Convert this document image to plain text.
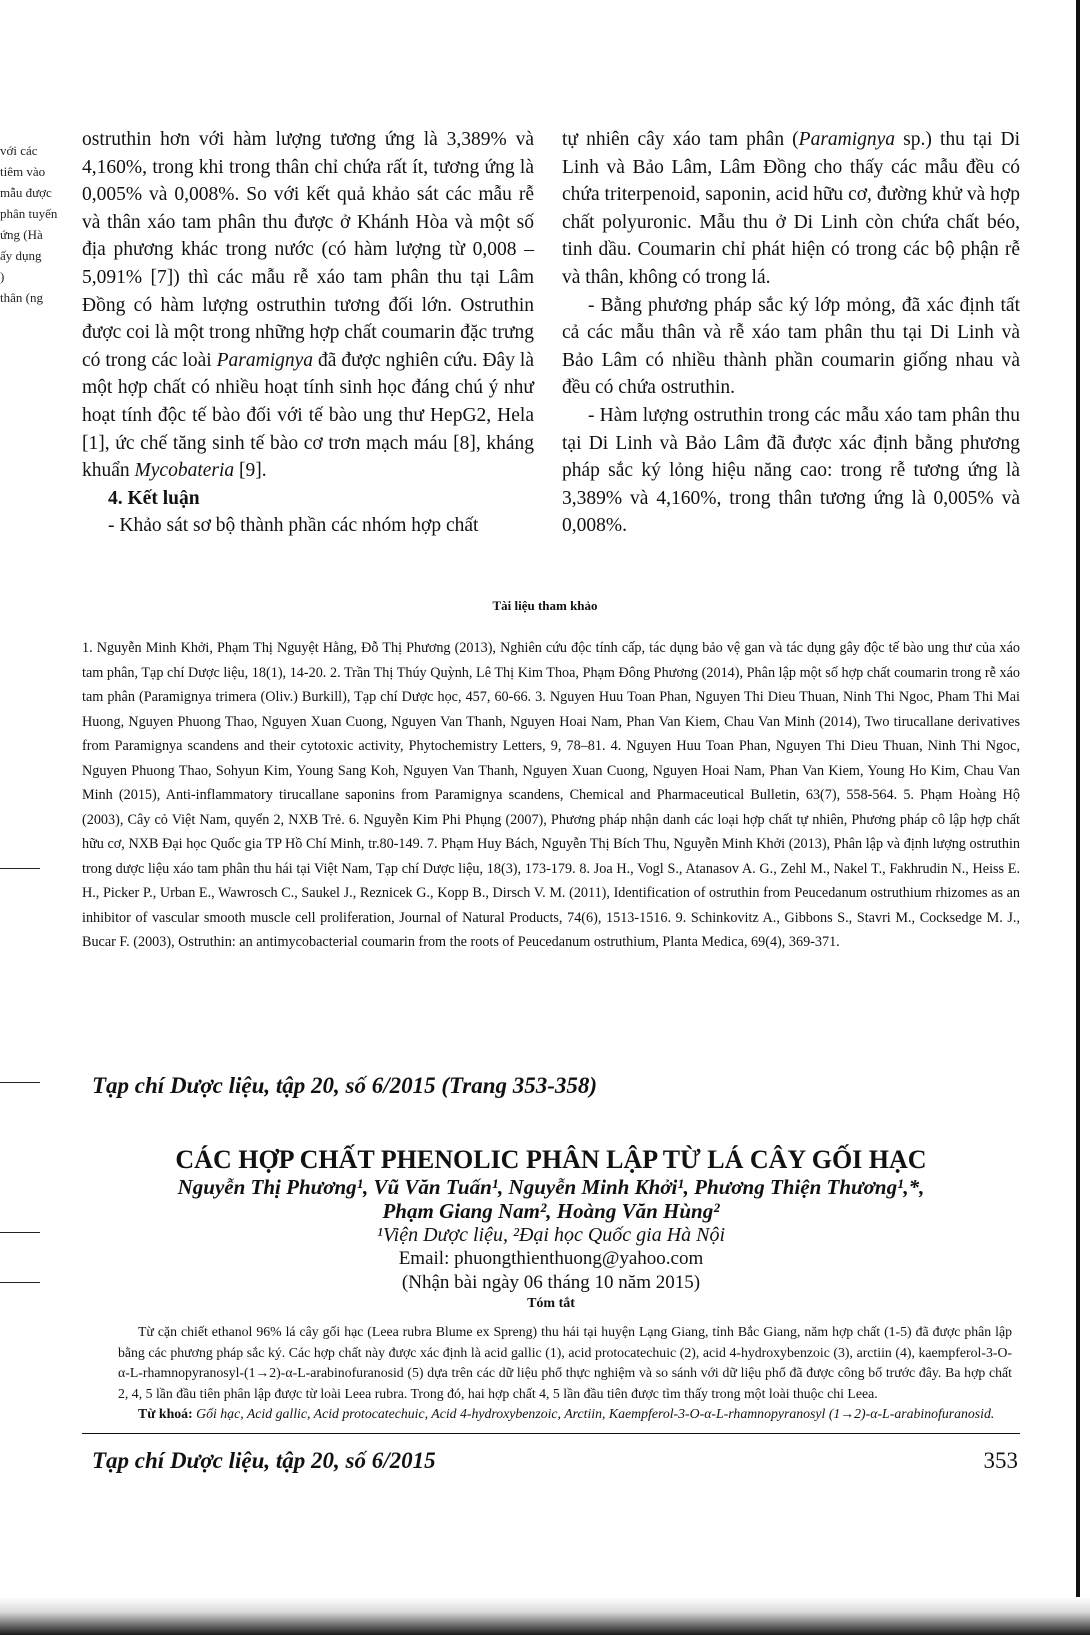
với các
tiêm vào
mẫu được
phân tuyến
ứng (Hà
ấy dụng
)
thân (ng

ostruthin hơn với hàm lượng tương ứng là 3,389% và 4,160%, trong khi trong thân chỉ chứa rất ít, tương ứng là 0,005% và 0,008%. So với kết quả khảo sát các mẫu rễ và thân xáo tam phân thu được ở Khánh Hòa và một số địa phương khác trong nước (có hàm lượng từ 0,008 – 5,091% [7]) thì các mẫu rễ xáo tam phân thu tại Lâm Đồng có hàm lượng ostruthin tương đối lớn. Ostruthin được coi là một trong những hợp chất coumarin đặc trưng có trong các loài Paramignya đã được nghiên cứu. Đây là một hợp chất có nhiều hoạt tính sinh học đáng chú ý như hoạt tính độc tế bào đối với tế bào ung thư HepG2, Hela [1], ức chế tăng sinh tế bào cơ trơn mạch máu [8], kháng khuẩn Mycobateria [9].

4. Kết luận

- Khảo sát sơ bộ thành phần các nhóm hợp chất

tự nhiên cây xáo tam phân (Paramignya sp.) thu tại Di Linh và Bảo Lâm, Lâm Đồng cho thấy các mẫu đều có chứa triterpenoid, saponin, acid hữu cơ, đường khử và hợp chất polyuronic. Mẫu thu ở Di Linh còn chứa chất béo, tinh dầu. Coumarin chỉ phát hiện có trong các bộ phận rễ và thân, không có trong lá.

- Bằng phương pháp sắc ký lớp mỏng, đã xác định tất cả các mẫu thân và rễ xáo tam phân thu tại Di Linh và Bảo Lâm có nhiều thành phần coumarin giống nhau và đều có chứa ostruthin.

- Hàm lượng ostruthin trong các mẫu xáo tam phân thu tại Di Linh và Bảo Lâm đã được xác định bằng phương pháp sắc ký lỏng hiệu năng cao: trong rễ tương ứng là 3,389% và 4,160%, trong thân tương ứng là 0,005% và 0,008%.

Tài liệu tham khảo

1. Nguyễn Minh Khởi, Phạm Thị Nguyệt Hằng, Đỗ Thị Phương (2013), Nghiên cứu độc tính cấp, tác dụng bảo vệ gan và tác dụng gây độc tế bào ung thư của xáo tam phân, Tạp chí Dược liệu, 18(1), 14-20. 2. Trần Thị Thúy Quỳnh, Lê Thị Kim Thoa, Phạm Đông Phương (2014), Phân lập một số hợp chất coumarin trong rễ xáo tam phân (Paramignya trimera (Oliv.) Burkill), Tạp chí Dược học, 457, 60-66. 3. Nguyen Huu Toan Phan, Nguyen Thi Dieu Thuan, Ninh Thi Ngoc, Pham Thi Mai Huong, Nguyen Phuong Thao, Nguyen Xuan Cuong, Nguyen Van Thanh, Nguyen Hoai Nam, Phan Van Kiem, Chau Van Minh (2014), Two tirucallane derivatives from Paramignya scandens and their cytotoxic activity, Phytochemistry Letters, 9, 78–81. 4. Nguyen Huu Toan Phan, Nguyen Thi Dieu Thuan, Ninh Thi Ngoc, Nguyen Phuong Thao, Sohyun Kim, Young Sang Koh, Nguyen Van Thanh, Nguyen Xuan Cuong, Nguyen Hoai Nam, Phan Van Kiem, Young Ho Kim, Chau Van Minh (2015), Anti-inflammatory tirucallane saponins from Paramignya scandens, Chemical and Pharmaceutical Bulletin, 63(7), 558-564. 5. Phạm Hoàng Hộ (2003), Cây cỏ Việt Nam, quyển 2, NXB Trẻ. 6. Nguyễn Kim Phi Phụng (2007), Phương pháp nhận danh các loại hợp chất tự nhiên, Phương pháp cô lập hợp chất hữu cơ, NXB Đại học Quốc gia TP Hồ Chí Minh, tr.80-149. 7. Phạm Huy Bách, Nguyễn Thị Bích Thu, Nguyễn Minh Khởi (2013), Phân lập và định lượng ostruthin trong dược liệu xáo tam phân thu hái tại Việt Nam, Tạp chí Dược liệu, 18(3), 173-179. 8. Joa H., Vogl S., Atanasov A. G., Zehl M., Nakel T., Fakhrudin N., Heiss E. H., Picker P., Urban E., Wawrosch C., Saukel J., Reznicek G., Kopp B., Dirsch V. M. (2011), Identification of ostruthin from Peucedanum ostruthium rhizomes as an inhibitor of vascular smooth muscle cell proliferation, Journal of Natural Products, 74(6), 1513-1516. 9. Schinkovitz A., Gibbons S., Stavri M., Cocksedge M. J., Bucar F. (2003), Ostruthin: an antimycobacterial coumarin from the roots of Peucedanum ostruthium, Planta Medica, 69(4), 369-371.

Tạp chí Dược liệu, tập 20, số 6/2015 (Trang 353-358)
CÁC HỢP CHẤT PHENOLIC PHÂN LẬP TỪ LÁ CÂY GỐI HẠC
Nguyễn Thị Phương¹, Vũ Văn Tuấn¹, Nguyễn Minh Khởi¹, Phương Thiện Thương¹,*,
Phạm Giang Nam², Hoàng Văn Hùng²
¹Viện Dược liệu, ²Đại học Quốc gia Hà Nội
Email: phuongthienthuong@yahoo.com
(Nhận bài ngày 06 tháng 10 năm 2015)
Tóm tắt

Từ cặn chiết ethanol 96% lá cây gối hạc (Leea rubra Blume ex Spreng) thu hái tại huyện Lạng Giang, tỉnh Bắc Giang, năm hợp chất (1-5) đã được phân lập bằng các phương pháp sắc ký. Các hợp chất này được xác định là acid gallic (1), acid protocatechuic (2), acid 4-hydroxybenzoic (3), arctiin (4), kaempferol-3-O-α-L-rhamnopyranosyl-(1→2)-α-L-arabinofuranosid (5) dựa trên các dữ liệu phổ thực nghiệm và so sánh với dữ liệu phổ đã được công bố trước đây. Ba hợp chất 2, 4, 5 lần đầu tiên phân lập được từ loài Leea rubra. Trong đó, hai hợp chất 4, 5 lần đầu tiên được tìm thấy trong một loài thuộc chi Leea.

Từ khoá: Gối hạc, Acid gallic, Acid protocatechuic, Acid 4-hydroxybenzoic, Arctiin, Kaempferol-3-O-α-L-rhamnopyranosyl (1→2)-α-L-arabinofuranosid.

Tạp chí Dược liệu, tập 20, số 6/2015	353
